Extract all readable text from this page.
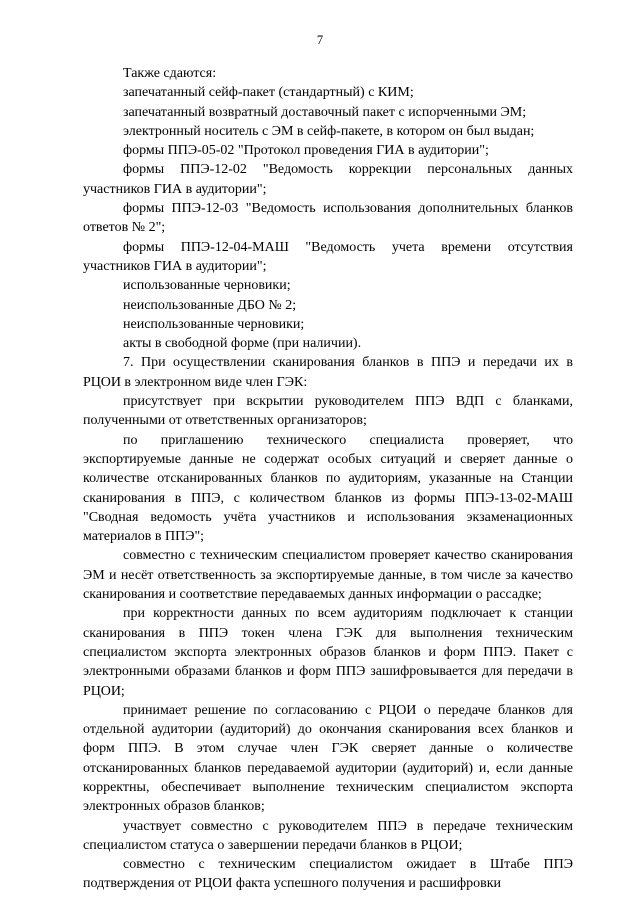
7

Также сдаются:

запечатанный сейф-пакет (стандартный) с КИМ;

запечатанный возвратный доставочный пакет с испорченными ЭМ;

электронный носитель с ЭМ в сейф-пакете, в котором он был выдан;

формы ППЭ-05-02 "Протокол проведения ГИА в аудитории";

формы ППЭ-12-02 "Ведомость коррекции персональных данных участников ГИА в аудитории";

формы ППЭ-12-03 "Ведомость использования дополнительных бланков ответов № 2";

формы ППЭ-12-04-МАШ "Ведомость учета времени отсутствия участников ГИА в аудитории";

использованные черновики;

неиспользованные ДБО № 2;

неиспользованные черновики;

акты в свободной форме (при наличии).

7. При осуществлении сканирования бланков в ППЭ и передачи их в РЦОИ в электронном виде член ГЭК:

присутствует при вскрытии руководителем ППЭ ВДП с бланками, полученными от ответственных организаторов;

по приглашению технического специалиста проверяет, что экспортируемые данные не содержат особых ситуаций и сверяет данные о количестве отсканированных бланков по аудиториям, указанные на Станции сканирования в ППЭ, с количеством бланков из формы ППЭ-13-02-МАШ "Сводная ведомость учёта участников и использования экзаменационных материалов в ППЭ";

совместно с техническим специалистом проверяет качество сканирования ЭМ и несёт ответственность за экспортируемые данные, в том числе за качество сканирования и соответствие передаваемых данных информации о рассадке;

при корректности данных по всем аудиториям подключает к станции сканирования в ППЭ токен члена ГЭК для выполнения техническим специалистом экспорта электронных образов бланков и форм ППЭ. Пакет с электронными образами бланков и форм ППЭ зашифровывается для передачи в РЦОИ;

принимает решение по согласованию с РЦОИ о передаче бланков для отдельной аудитории (аудиторий) до окончания сканирования всех бланков и форм ППЭ. В этом случае член ГЭК сверяет данные о количестве отсканированных бланков передаваемой аудитории (аудиторий) и, если данные корректны, обеспечивает выполнение техническим специалистом экспорта электронных образов бланков;

участвует совместно с руководителем ППЭ в передаче техническим специалистом статуса о завершении передачи бланков в РЦОИ;

совместно с техническим специалистом ожидает в Штабе ППЭ подтверждения от РЦОИ факта успешного получения и расшифровки
